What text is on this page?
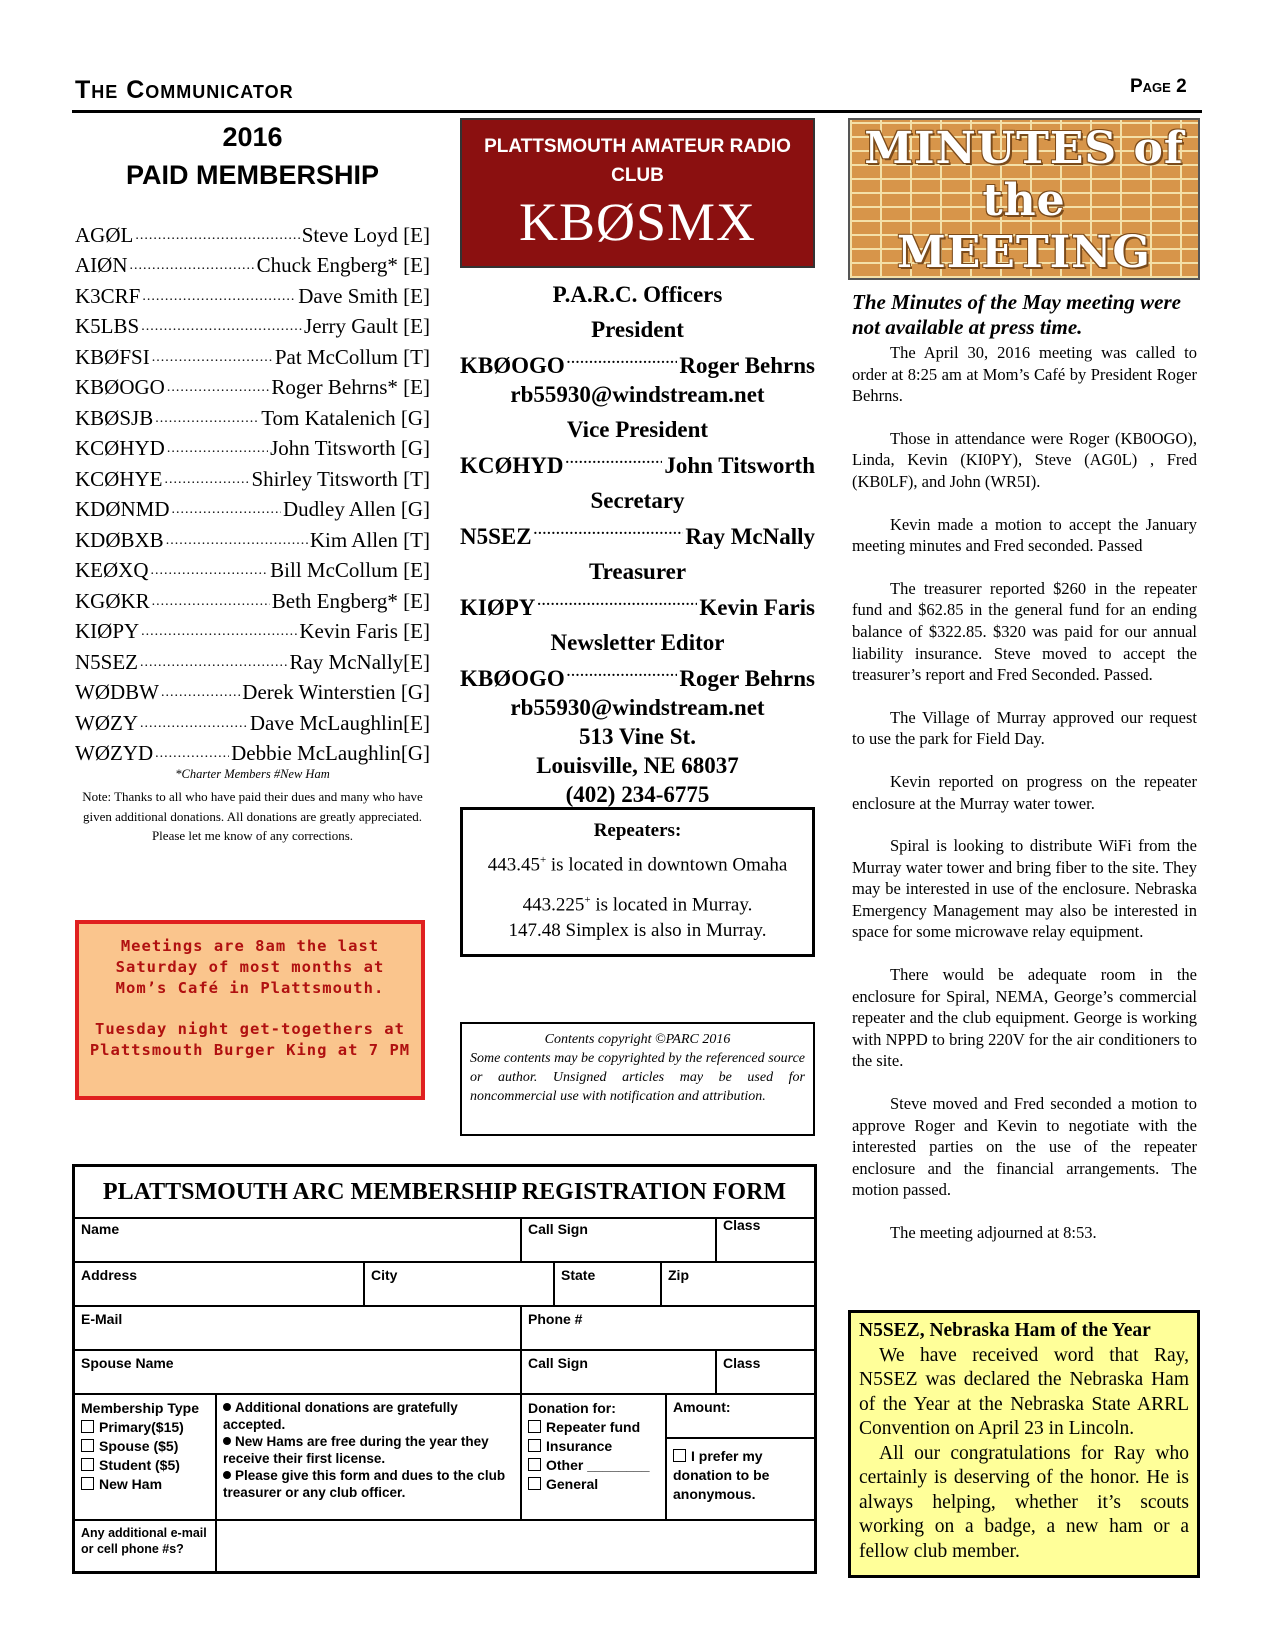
The Communicator	Page 2
2016
PAID MEMBERSHIP
AGØL .....	Steve Loyd [E]
AIØN .....	Chuck Engberg* [E]
K3CRF .....	Dave Smith [E]
K5LBS .....	Jerry Gault [E]
KBØFSI .....	Pat McCollum [T]
KBØOGO .....	Roger Behrns* [E]
KBØSJB .....	Tom Katalenich [G]
KCØHYD .....	John Titsworth [G]
KCØHYE .....	Shirley Titsworth [T]
KDØNMD .....	Dudley Allen [G]
KDØBXB .....	Kim Allen [T]
KEØXQ .....	Bill McCollum [E]
KGØKR .....	Beth Engberg* [E]
KIØPY .....	Kevin Faris [E]
N5SEZ .....	Ray McNally[E]
WØDBW .....	Derek Winterstien [G]
WØZY .....	Dave McLaughlin[E]
WØZYD .....	Debbie McLaughlin[G]
*Charter Members #New Ham
Note: Thanks to all who have paid their dues and many who have given additional donations. All donations are greatly appreciated. Please let me know of any corrections.

Meetings are 8am the last Saturday of most months at Mom’s Café in Plattsmouth.

Tuesday night get-togethers at Plattsmouth Burger King at 7 PM

PLATTSMOUTH AMATEUR RADIO CLUB
KBØSMX
P.A.R.C. Officers
President
KBØOGO .....	Roger Behrns
rb55930@windstream.net
Vice President
KCØHYD .....	John Titsworth
Secretary
N5SEZ .....	Ray McNally
Treasurer
KIØPY .....	Kevin Faris
Newsletter Editor
KBØOGO .....	Roger Behrns
rb55930@windstream.net
513 Vine St.
Louisville, NE 68037
(402) 234-6775
Repeaters:
443.45+ is located in downtown Omaha
443.225+ is located in Murray.
147.48 Simplex is also in Murray.
Contents copyright ©PARC 2016
Some contents may be copyrighted by the referenced source or author. Unsigned articles may be used for noncommercial use with notification and attribution.
MINUTES of
the
MEETING
The Minutes of the May meeting were not available at press time.

The April 30, 2016 meeting was called to order at 8:25 am at Mom’s Café by President Roger Behrns.

Those in attendance were Roger (KB0OGO), Linda, Kevin (KI0PY), Steve (AG0L) , Fred (KB0LF), and John (WR5I).

Kevin made a motion to accept the January meeting minutes and Fred seconded. Passed

The treasurer reported $260 in the repeater fund and $62.85 in the general fund for an ending balance of $322.85. $320 was paid for our annual liability insurance. Steve moved to accept the treasurer’s report and Fred Seconded. Passed.

The Village of Murray approved our request to use the park for Field Day.

Kevin reported on progress on the repeater enclosure at the Murray water tower.

Spiral is looking to distribute WiFi from the Murray water tower and bring fiber to the site. They may be interested in use of the enclosure. Nebraska Emergency Management may also be interested in space for some microwave relay equipment.

There would be adequate room in the enclosure for Spiral, NEMA, George’s commercial repeater and the club equipment. George is working with NPPD to bring 220V for the air conditioners to the site.

Steve moved and Fred seconded a motion to approve Roger and Kevin to negotiate with the interested parties on the use of the repeater enclosure and the financial arrangements. The motion passed.

The meeting adjourned at 8:53.

N5SEZ, Nebraska Ham of the Year

We have received word that Ray, N5SEZ was declared the Nebraska Ham of the Year at the Nebraska State ARRL Convention on April 23 in Lincoln.

All our congratulations for Ray who certainly is deserving of the honor. He is always helping, whether it’s scouts working on a badge, a new ham or a fellow club member.

PLATTSMOUTH ARC MEMBERSHIP REGISTRATION FORM
Name	Call Sign	Class
Address	City	State	Zip
E-Mail	Phone #
Spouse Name	Call Sign	Class
Membership Type
Primary($15)
Spouse ($5)
Student ($5)
New Ham
Additional donations are gratefully accepted.
New Hams are free during the year they receive their first license.
Please give this form and dues to the club treasurer or any club officer.
Donation for:
Repeater fund
Insurance
Other ________
General
Amount:
I prefer my donation to be anonymous.
Any additional e-mail or cell phone #s?
